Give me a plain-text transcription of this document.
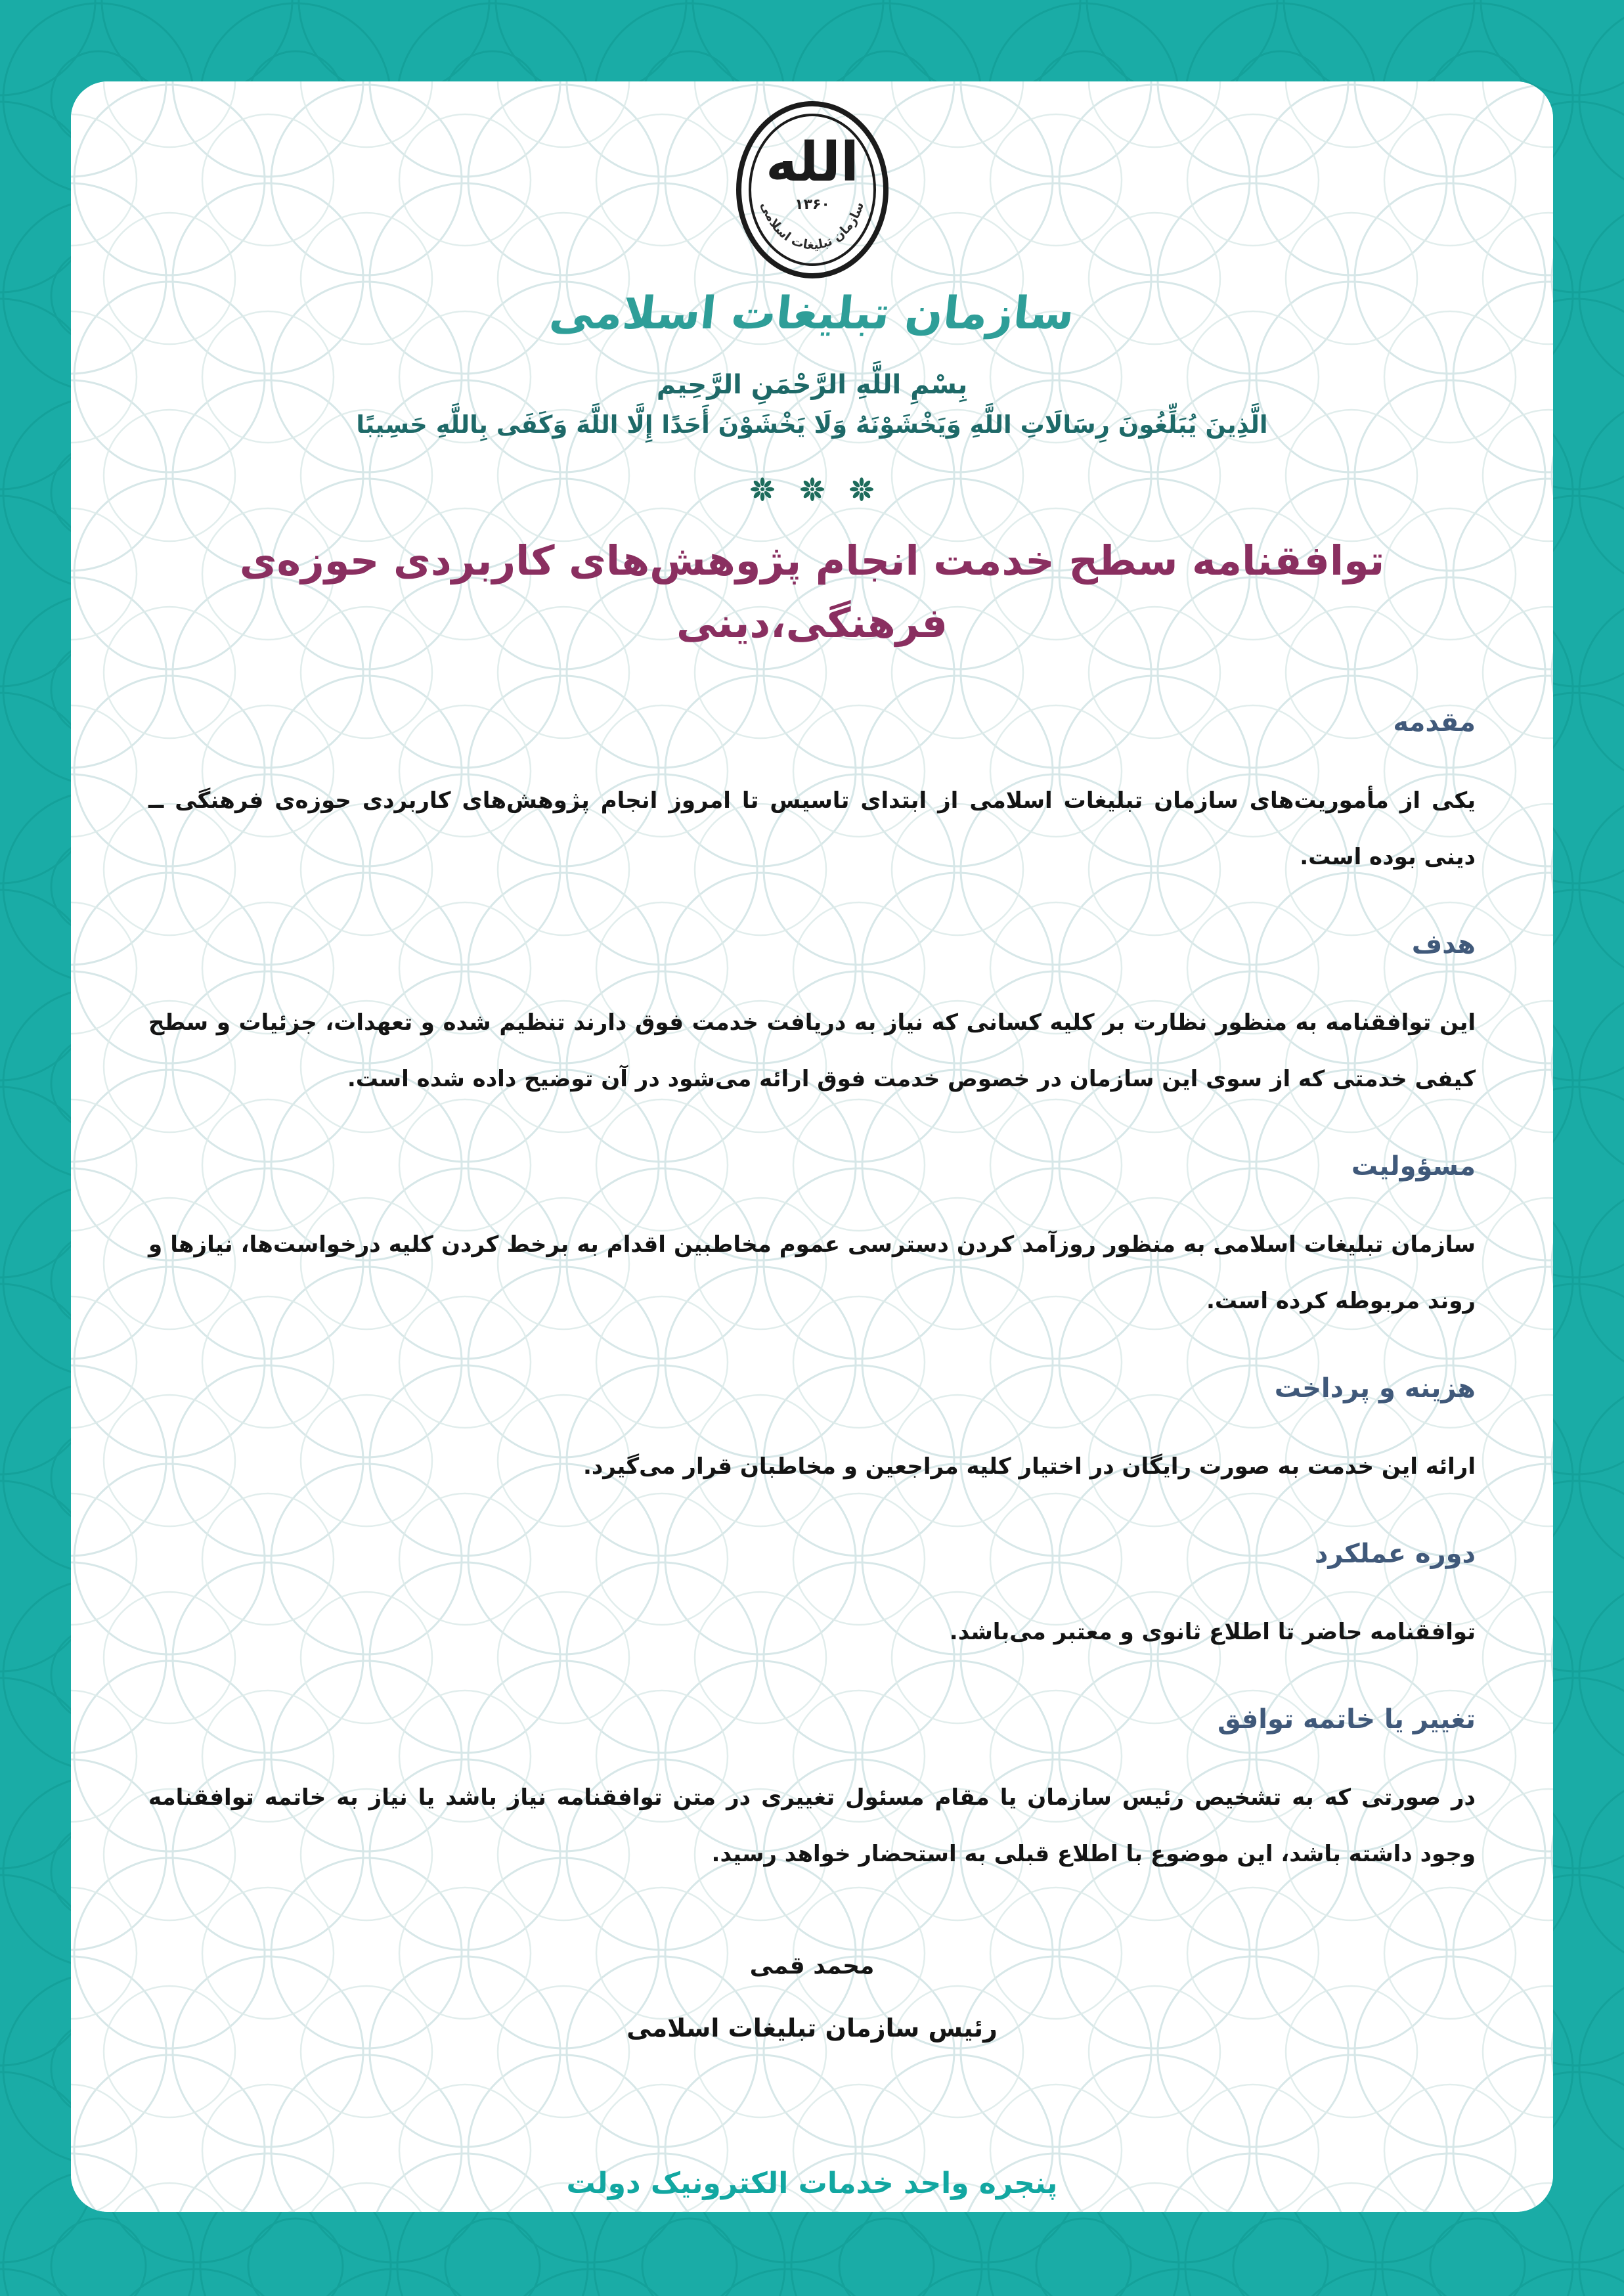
الله
۱۳۶۰
سازمان تبلیغات اسلامی
سازمان تبلیغات اسلامی
بِسْمِ اللَّهِ الرَّحْمَنِ الرَّحِيم
الَّذِينَ يُبَلِّغُونَ رِسَالَاتِ اللَّهِ وَيَخْشَوْنَهُ وَلَا يَخْشَوْنَ أَحَدًا إِلَّا اللَّهَ وَكَفَى بِاللَّهِ حَسِيبًا

توافقنامه سطح خدمت انجام پژوهش‌های کاربردی حوزه‌ی فرهنگی،دینی
مقدمه

یکی از مأموریت‌های سازمان تبلیغات اسلامی از ابتدای تاسیس تا امروز انجام پژوهش‌های کاربردی حوزه‌ی فرهنگی ــ دینی بوده است.

هدف

این توافقنامه به منظور نظارت بر کلیه کسانی که نیاز به دریافت خدمت فوق دارند تنظیم شده و تعهدات، جزئیات و سطح کیفی خدمتی که از سوی این سازمان در خصوص خدمت فوق ارائه می‌شود در آن توضیح داده شده است.

مسؤولیت

سازمان تبلیغات اسلامی به منظور روزآمد کردن دسترسی عموم مخاطبین اقدام به برخط کردن کلیه درخواست‌ها، نیازها و روند مربوطه کرده است.

هزینه و پرداخت

ارائه این خدمت به صورت رایگان در اختیار کلیه مراجعین و مخاطبان قرار می‌گیرد.

دوره عملکرد

توافقنامه حاضر تا اطلاع ثانوی و معتبر می‌باشد.

تغییر یا خاتمه توافق

در صورتی که به تشخیص رئیس سازمان یا مقام مسئول تغییری در متن توافقنامه نیاز باشد یا نیاز به خاتمه توافقنامه وجود داشته باشد، این موضوع با اطلاع قبلی به استحضار خواهد رسید.

محمد قمی
رئیس سازمان تبلیغات اسلامی
پنجره واحد خدمات الکترونیک دولت
